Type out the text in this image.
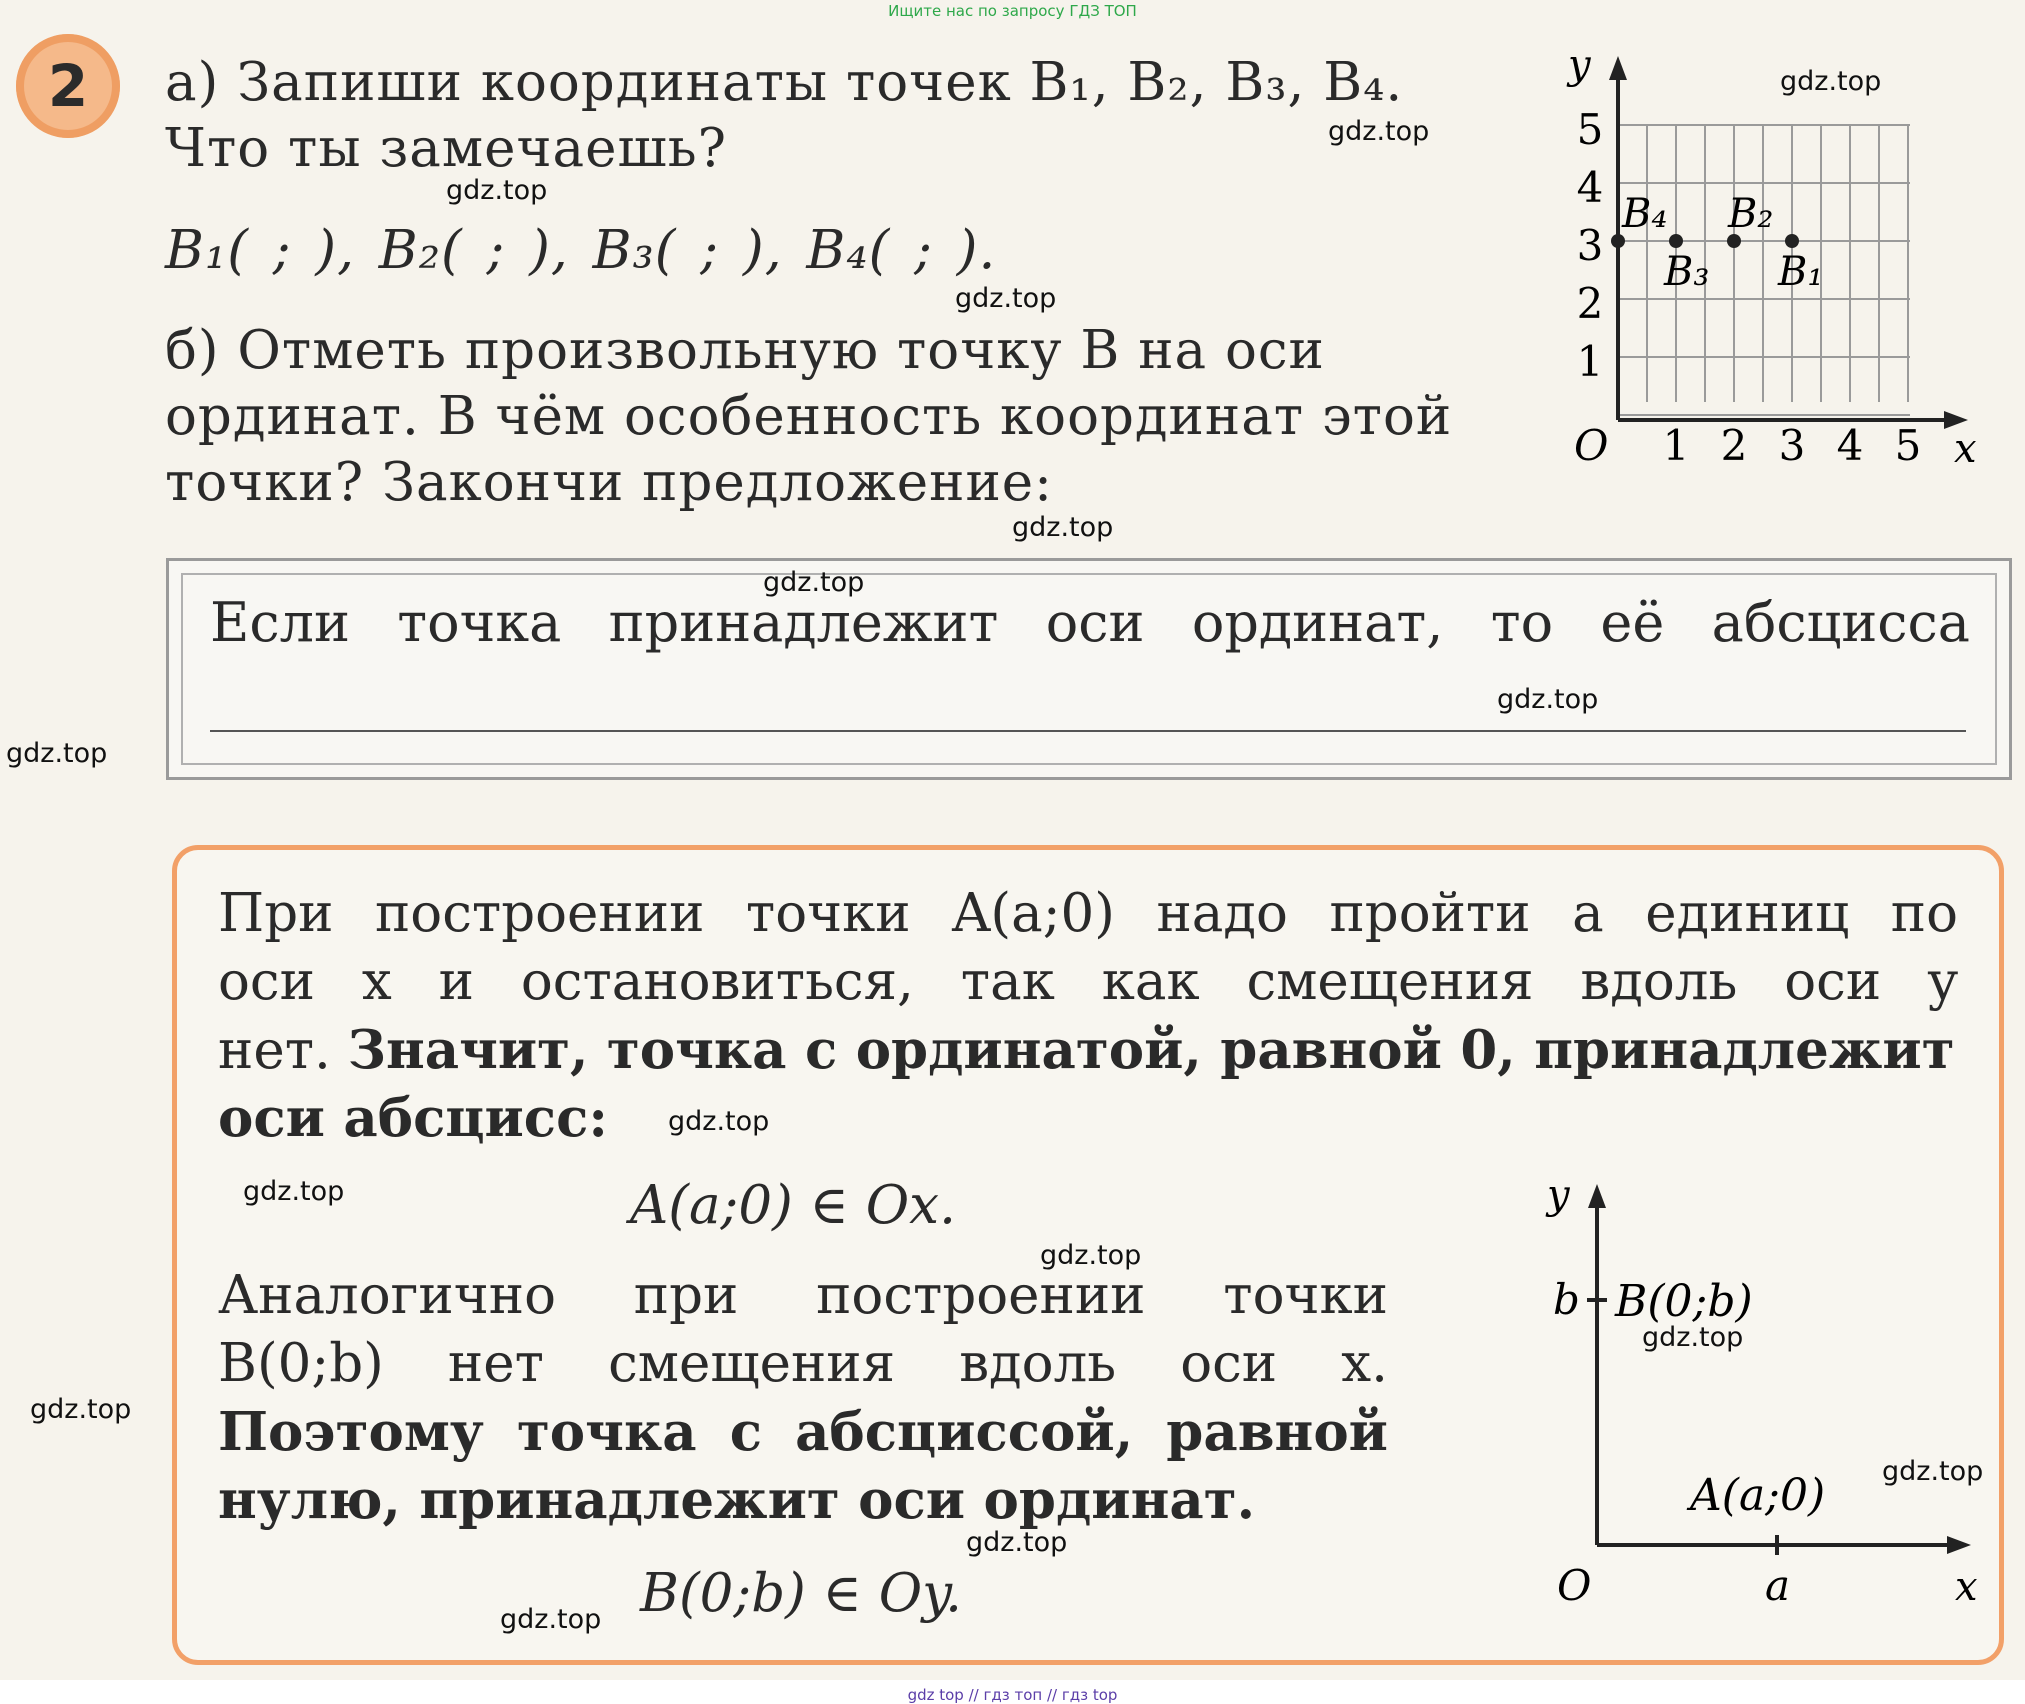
Ищите нас по запросу ГДЗ ТОП
2 а) Запиши координаты точек B₁, B₂, B₃, B₄.
Что ты замечаешь?
B₁( ; ), B₂( ; ), B₃( ; ), B₄( ; ).
б) Отметь произвольную точку B на оси
ординат. В чём особенность координат этой
точки? Закончи предложение:
y
x
O 1 2 3 4 5
1
2
3
4
5
B₄
B₃
B₂
B₁
Если точка принадлежит оси ординат, то её абсцисса
При построении точки A(a;0) надо пройти a единиц по
оси x и остановиться, так как смещения вдоль оси y
нет. Значит, точка с ординатой, равной 0, принадлежит
оси абсцисс:
A(a;0) ∈ Ox.
Аналогично при построении точки
B(0;b) нет смещения вдоль оси x.
Поэтому точка с абсциссой, равной
нулю, принадлежит оси ординат.
B(0;b) ∈ Oy.
y
x
O
b
a
B(0;b)
A(a;0)
gdz.top
gdz.top
gdz.top
gdz.top
gdz.top
gdz.top
gdz.top
gdz.top
gdz.top
gdz.top
gdz.top
gdz.top
gdz.top
gdz.top
gdz.top
gdz.top
gdz top // гдз топ // гдз top
